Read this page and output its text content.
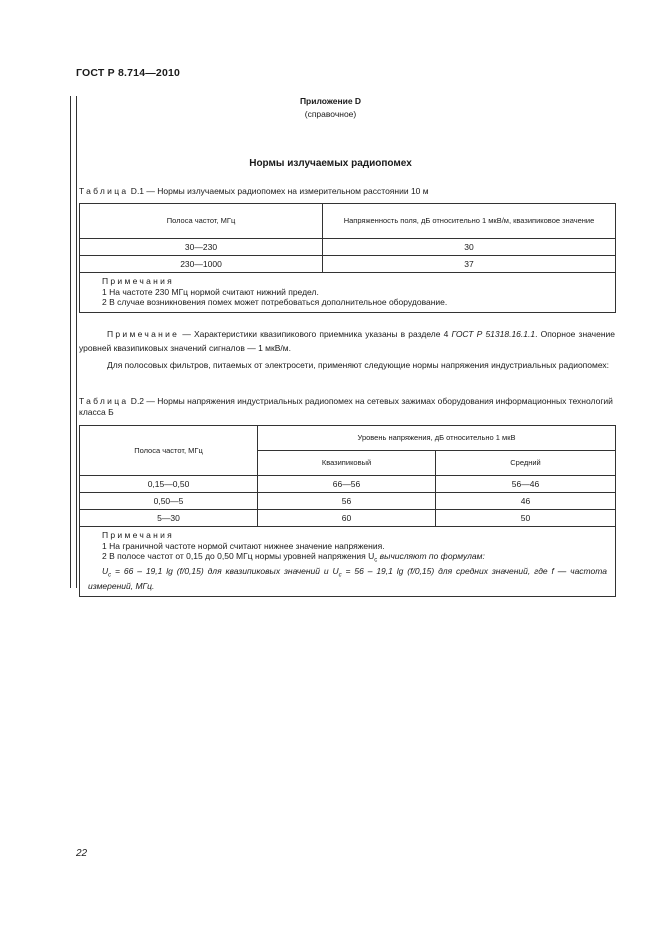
ГОСТ Р 8.714—2010
Приложение D
(справочное)
Нормы излучаемых радиопомех
Таблица D.1 — Нормы излучаемых радиопомех на измерительном расстоянии 10 м
Полоса частот, МГц	Напряженность поля, дБ относительно 1 мкВ/м, квазипиковое значение
30—230	30
230—1000	37

Примечания
1 На частоте 230 МГц нормой считают нижний предел.
2 В случае возникновения помех может потребоваться дополнительное оборудование.	
Примечание — Характеристики квазипикового приемника указаны в разделе 4 ГОСТ Р 51318.16.1.1. Опорное значение уровней квазипиковых значений сигналов — 1 мкВ/м.
Для полосовых фильтров, питаемых от электросети, применяют следующие нормы напряжения индустриальных радиопомех:
Таблица D.2 — Нормы напряжения индустриальных радиопомех на сетевых зажимах оборудования информационных технологий класса Б
Полоса частот, МГц	Уровень напряжения, дБ относительно 1 мкВ	
	Квазипиковый	Средний
0,15—0,50	66—56	56—46
0,50—5	56	46
5—30	60	50

Примечания
1 На граничной частоте нормой считают нижнее значение напряжения.
2 В полосе частот от 0,15 до 0,50 МГц нормы уровней напряжения $U_c$ вычисляют по формулам:
$U_c = 66 - 19,1$ lg (f/0,15) для квазипиковых значений и $U_c = 56 - 19,1$ lg (f/0,15) для средних значений, где f — частота измерений, МГц.		
22
